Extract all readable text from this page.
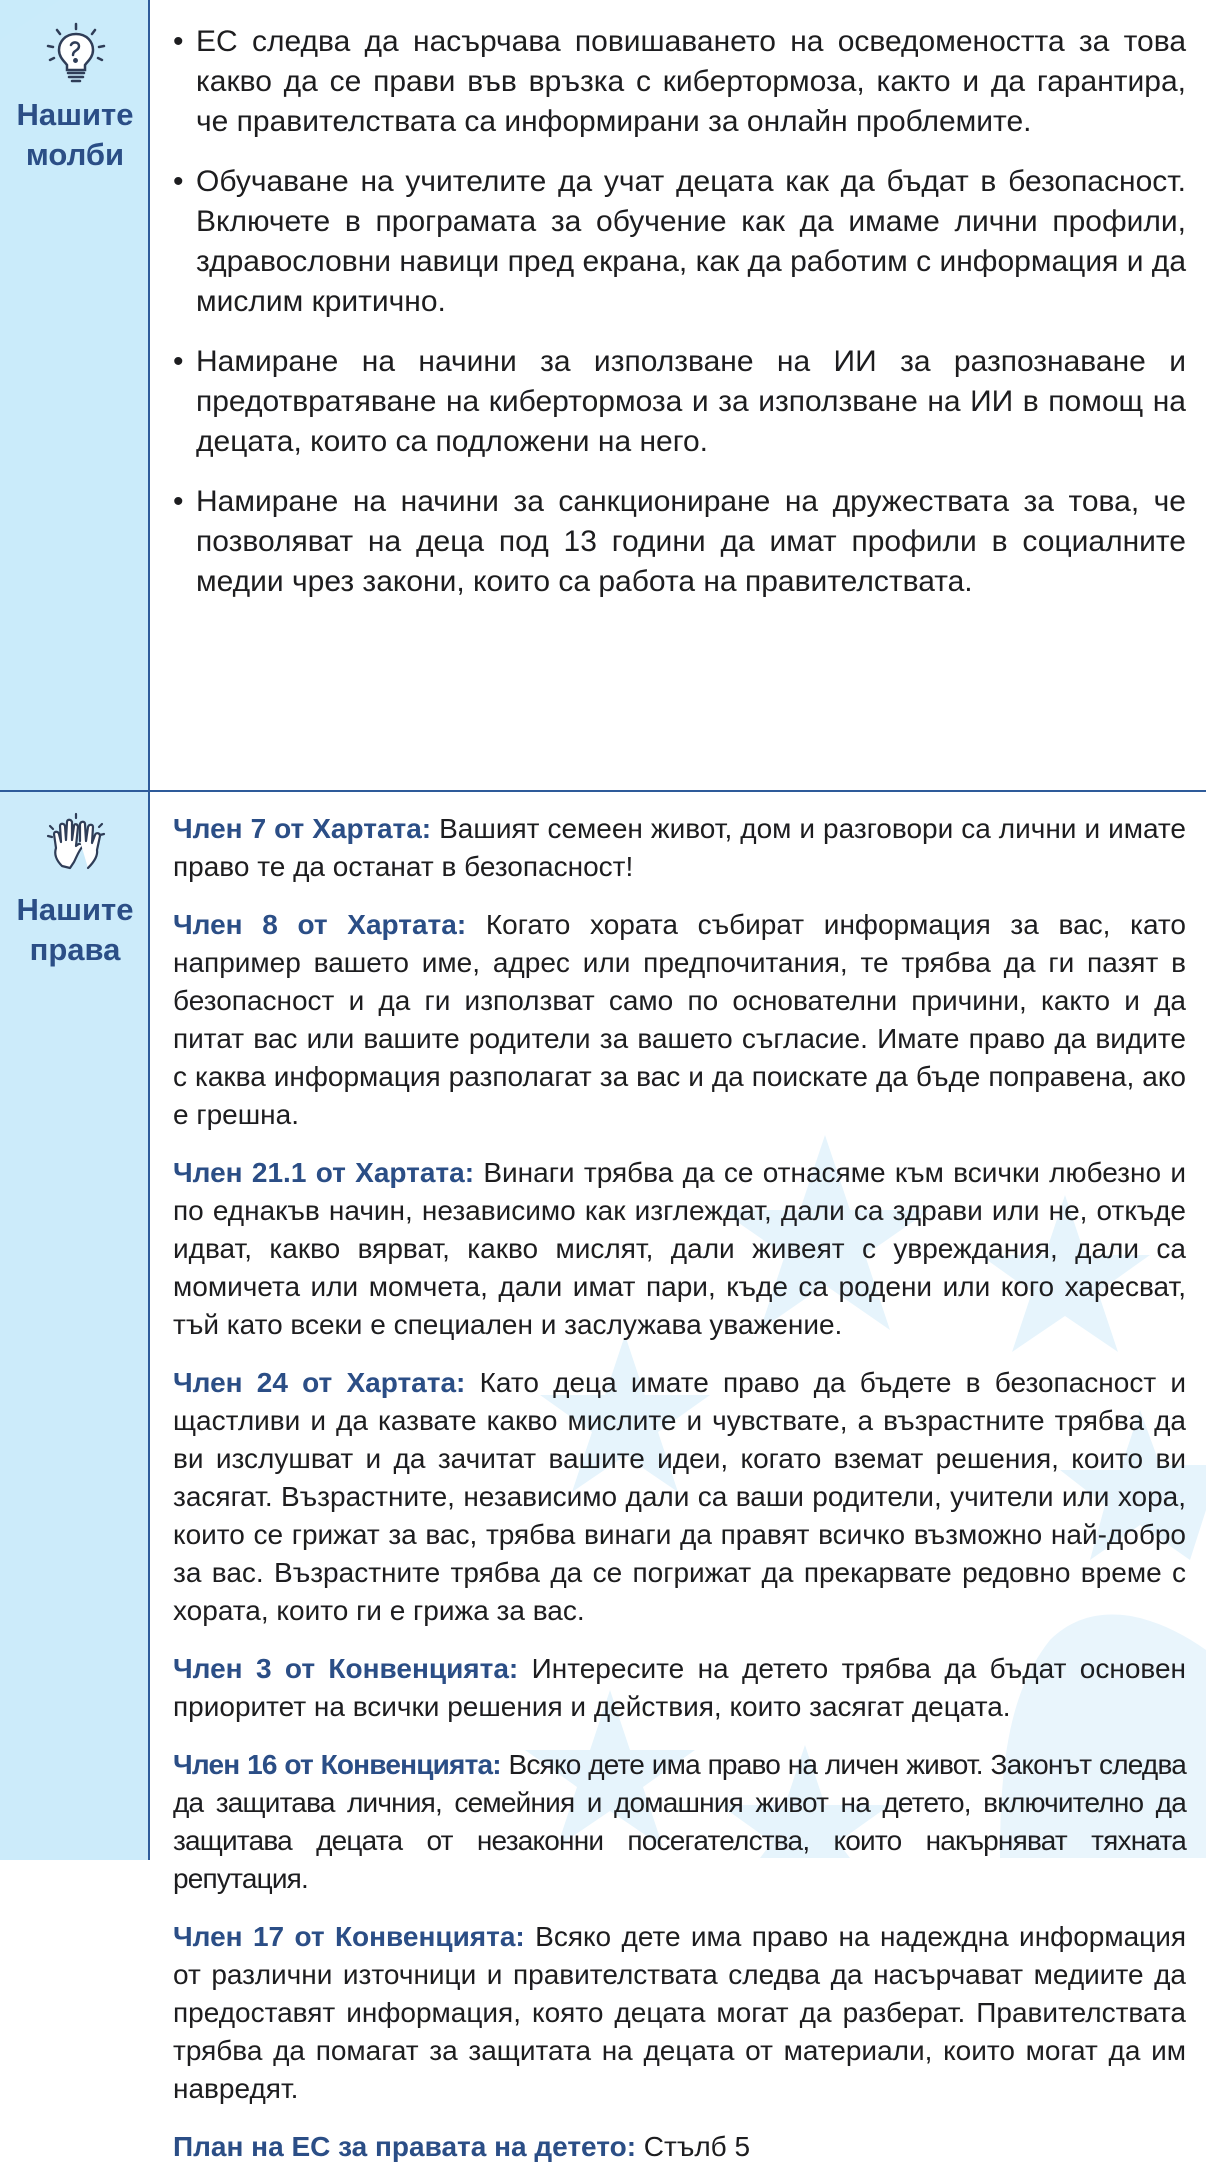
Нашите молби

• ЕС следва да насърчава повишаването на осведомеността за това какво да се прави във връзка с кибертормоза, както и да гарантира, че правителствата са информирани за онлайн проблемите.

• Обучаване на учителите да учат децата как да бъдат в безопасност. Включете в програмата за обучение как да имаме лични профили, здравословни навици пред екрана, как да работим с информация и да мислим критично.

• Намиране на начини за използване на ИИ за разпознаване и предотвратяване на кибертормоза и за използване на ИИ в помощ на децата, които са подложени на него.

• Намиране на начини за санкциониране на дружествата за това, че позволяват на деца под 13 години да имат профили в социалните медии чрез закони, които са работа на правителствата.

Нашите права

Член 7 от Хартата: Вашият семеен живот, дом и разговори са лични и имате право те да останат в безопасност!

Член 8 от Хартата: Когато хората събират информация за вас, като например вашето име, адрес или предпочитания, те трябва да ги пазят в безопасност и да ги използват само по основателни причини, както и да питат вас или вашите родители за вашето съгласие. Имате право да видите с каква информация разполагат за вас и да поискате да бъде поправена, ако е грешна.

Член 21.1 от Хартата: Винаги трябва да се отнасяме към всички любезно и по еднакъв начин, независимо как изглеждат, дали са здрави или не, откъде идват, какво вярват, какво мислят, дали живеят с увреждания, дали са момичета или момчета, дали имат пари, къде са родени или кого харесват, тъй като всеки е специален и заслужава уважение.

Член 24 от Хартата: Като деца имате право да бъдете в безопасност и щастливи и да казвате какво мислите и чувствате, а възрастните трябва да ви изслушват и да зачитат вашите идеи, когато вземат решения, които ви засягат. Възрастните, независимо дали са ваши родители, учители или хора, които се грижат за вас, трябва винаги да правят всичко възможно най-добро за вас. Възрастните трябва да се погрижат да прекарвате редовно време с хората, които ги е грижа за вас.

Член 3 от Конвенцията: Интересите на детето трябва да бъдат основен приоритет на всички решения и действия, които засягат децата.

Член 16 от Конвенцията: Всяко дете има право на личен живот. Законът следва да защитава личния, семейния и домашния живот на детето, включително да защитава децата от незаконни посегателства, които накърняват тяхната репутация.

Член 17 от Конвенцията: Всяко дете има право на надеждна информация от различни източници и правителствата следва да насърчават медиите да предоставят информация, която децата могат да разберат. Правителствата трябва да помагат за защитата на децата от материали, които могат да им навредят.

План на ЕС за правата на детето: Стълб 5
